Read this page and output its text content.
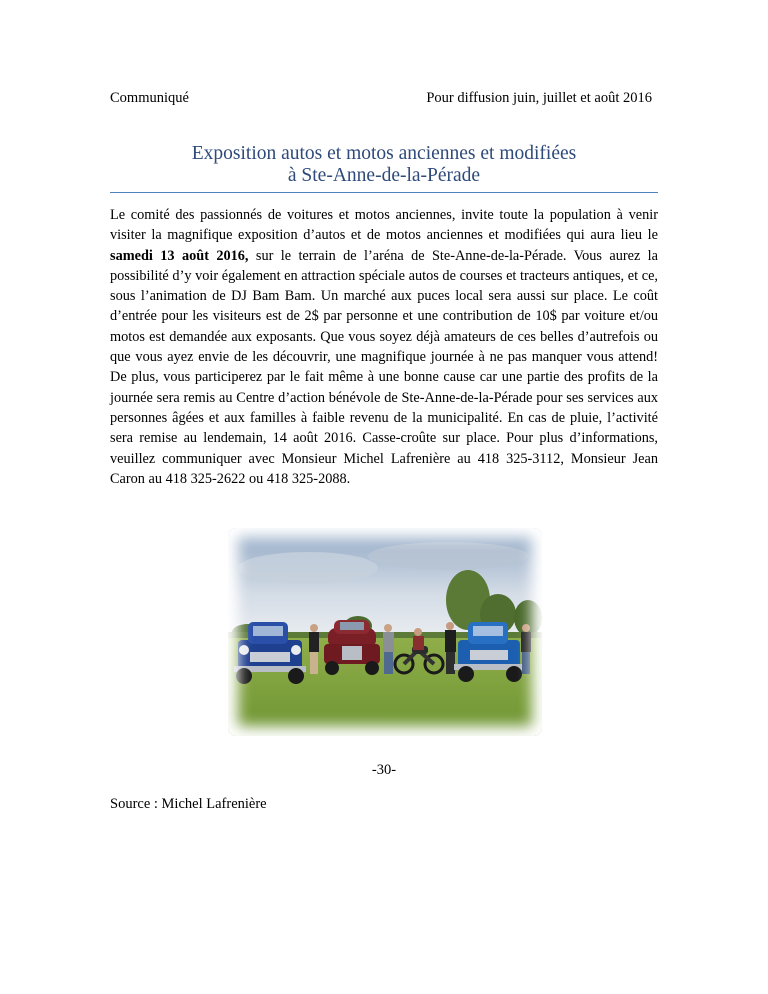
Communiqué	Pour diffusion juin, juillet et août 2016
Exposition autos et motos anciennes et modifiées
à Ste-Anne-de-la-Pérade

Le comité des passionnés de voitures et motos anciennes, invite toute la population à venir visiter la magnifique exposition d’autos et de motos anciennes et modifiées qui aura lieu le samedi 13 août 2016, sur le terrain de l’aréna de Ste-Anne-de-la-Pérade. Vous aurez la possibilité d’y voir également en attraction spéciale autos de courses et tracteurs antiques, et ce, sous l’animation de DJ Bam Bam. Un marché aux puces local sera aussi sur place. Le coût d’entrée pour les visiteurs est de 2$ par personne et une contribution de 10$ par voiture et/ou motos est demandée aux exposants. Que vous soyez déjà amateurs de ces belles d’autrefois ou que vous ayez envie de les découvrir, une magnifique journée à ne pas manquer vous attend! De plus, vous participerez par le fait même à une bonne cause car une partie des profits de la journée sera remis au Centre d’action bénévole de Ste-Anne-de-la-Pérade pour ses services aux personnes âgées et aux familles à faible revenu de la municipalité. En cas de pluie, l’activité sera remise au lendemain, 14 août 2016. Casse-croûte sur place. Pour plus d’informations, veuillez communiquer avec Monsieur Michel Lafrenière au 418 325-3112, Monsieur Jean Caron au 418 325-2622 ou 418 325-2088.

-30-
Source : Michel Lafrenière
